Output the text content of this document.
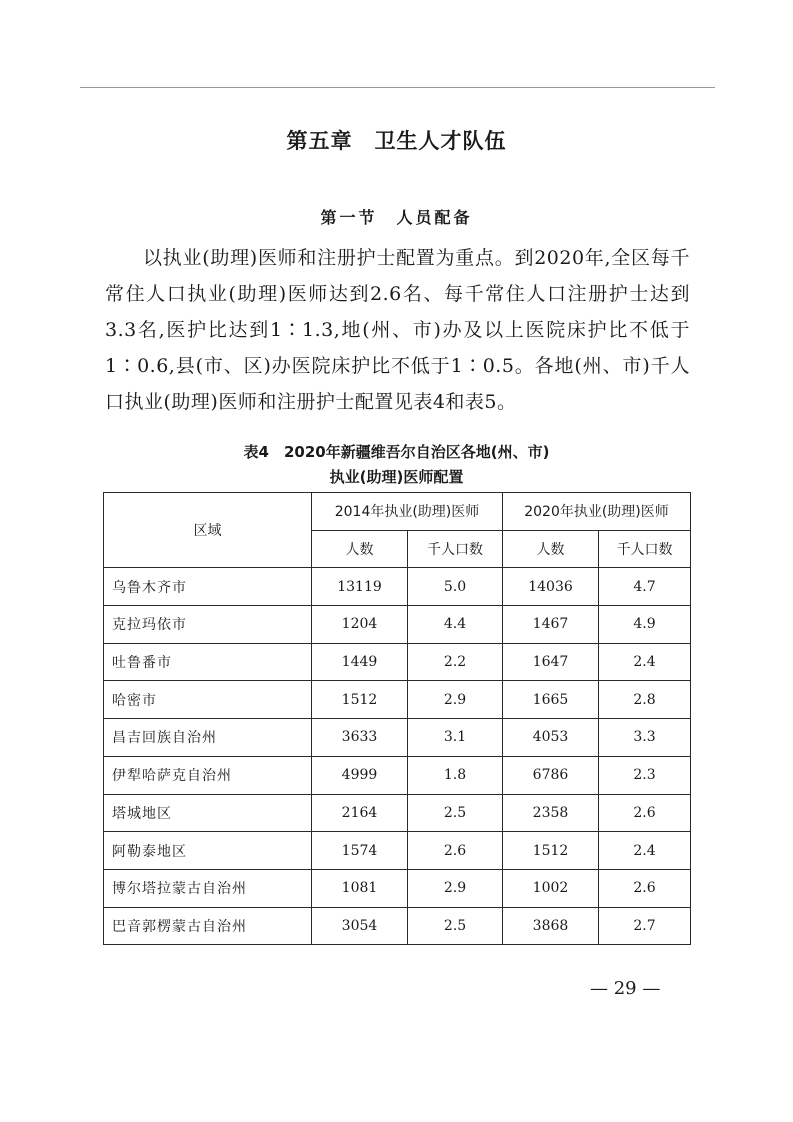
第五章　卫生人才队伍
第一节　人员配备

以执业(助理)医师和注册护士配置为重点。到2020年,全区每千常住人口执业(助理)医师达到2.6名、每千常住人口注册护士达到3.3名,医护比达到1∶1.3,地(州、市)办及以上医院床护比不低于1∶0.6,县(市、区)办医院床护比不低于1∶0.5。各地(州、市)千人口执业(助理)医师和注册护士配置见表4和表5。

表4　2020年新疆维吾尔自治区各地(州、市)
执业(助理)医师配置
区域	2014年执业(助理)医师		2020年执业(助理)医师	
	人数	千人口数	人数	千人口数
乌鲁木齐市	13119	5.0	14036	4.7
克拉玛依市	1204	4.4	1467	4.9
吐鲁番市	1449	2.2	1647	2.4
哈密市	1512	2.9	1665	2.8
昌吉回族自治州	3633	3.1	4053	3.3
伊犁哈萨克自治州	4999	1.8	6786	2.3
塔城地区	2164	2.5	2358	2.6
阿勒泰地区	1574	2.6	1512	2.4
博尔塔拉蒙古自治州	1081	2.9	1002	2.6
巴音郭楞蒙古自治州	3054	2.5	3868	2.7
— 29 —
